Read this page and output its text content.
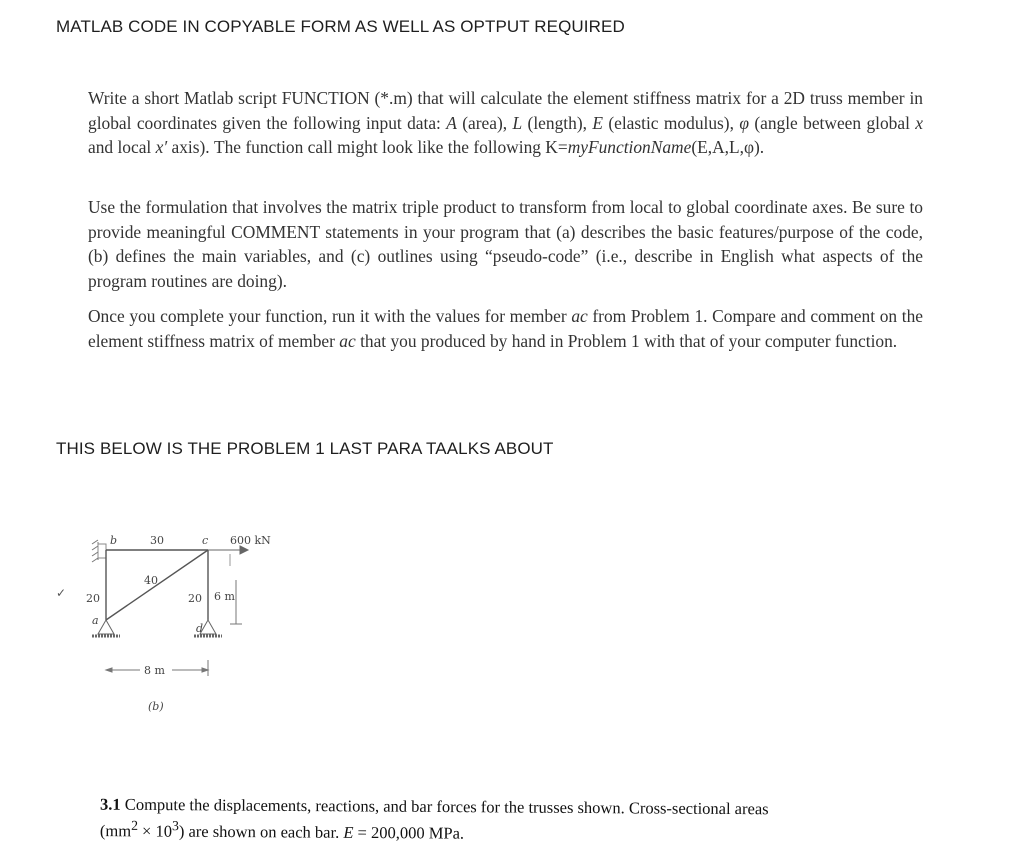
MATLAB CODE IN COPYABLE FORM AS WELL AS OPTPUT REQUIRED
Write a short Matlab script FUNCTION (*.m) that will calculate the element stiffness matrix for a 2D truss member in global coordinates given the following input data: A (area), L (length), E (elastic modulus), φ (angle between global x and local x′ axis). The function call might look like the following K=myFunctionName(E,A,L,φ).
Use the formulation that involves the matrix triple product to transform from local to global coordinate axes. Be sure to provide meaningful COMMENT statements in your program that (a) describes the basic features/purpose of the code, (b) defines the main variables, and (c) outlines using “pseudo-code” (i.e., describe in English what aspects of the program routines are doing).
Once you complete your function, run it with the values for member ac from Problem 1. Compare and comment on the element stiffness matrix of member ac that you produced by hand in Problem 1 with that of your computer function.
THIS BELOW IS THE PROBLEM 1 LAST PARA TAALKS ABOUT
✓
b	30	c 600 kN
40
20	20 6 m
a
d
8 m
(b)
3.1 Compute the displacements, reactions, and bar forces for the trusses shown. Cross-sectional areas $(mm^2 \times 10^3)$ are shown on each bar. E = 200,000 MPa.
